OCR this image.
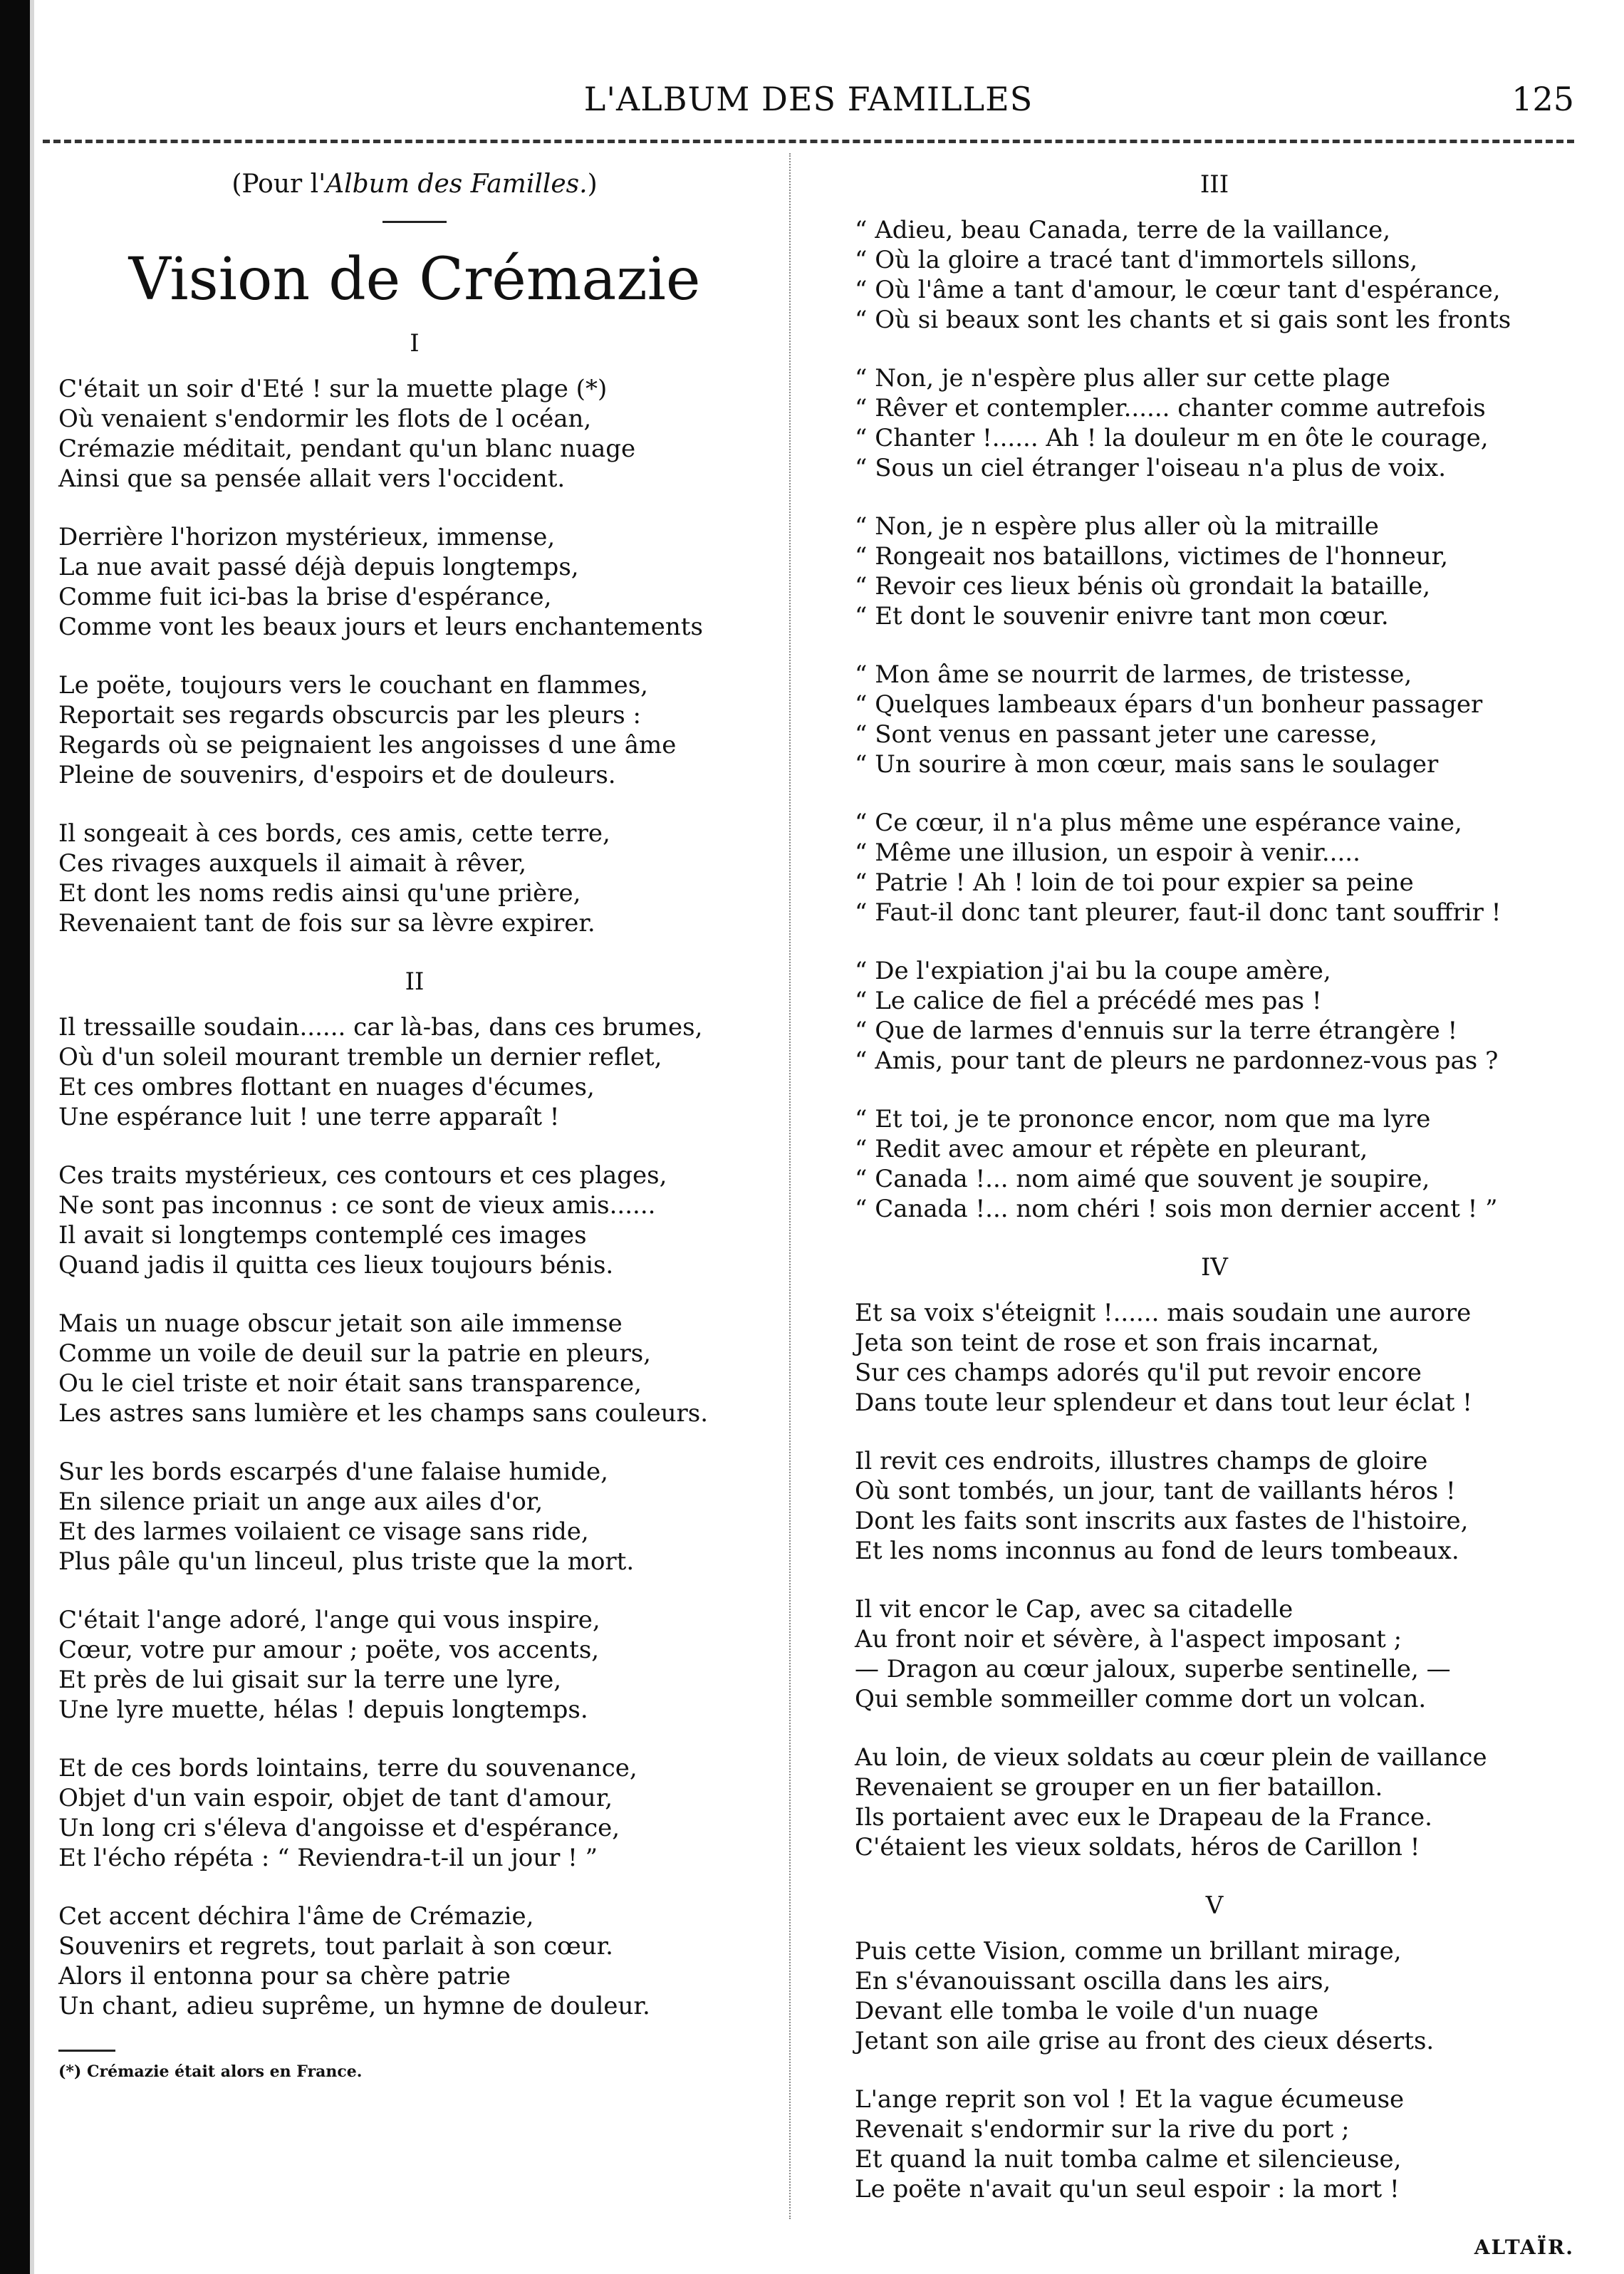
L'ALBUM DES FAMILLES	125
(Pour l'Album des Familles.)
Vision de Crémazie
I
C'était un soir d'Eté ! sur la muette plage (*)
Où venaient s'endormir les flots de l océan,
Crémazie méditait, pendant qu'un blanc nuage
Ainsi que sa pensée allait vers l'occident.
Derrière l'horizon mystérieux, immense,
La nue avait passé déjà depuis longtemps,
Comme fuit ici-bas la brise d'espérance,
Comme vont les beaux jours et leurs enchantements
Le poëte, toujours vers le couchant en flammes,
Reportait ses regards obscurcis par les pleurs :
Regards où se peignaient les angoisses d une âme
Pleine de souvenirs, d'espoirs et de douleurs.
Il songeait à ces bords, ces amis, cette terre,
Ces rivages auxquels il aimait à rêver,
Et dont les noms redis ainsi qu'une prière,
Revenaient tant de fois sur sa lèvre expirer.
II
Il tressaille soudain...... car là-bas, dans ces brumes,
Où d'un soleil mourant tremble un dernier reflet,
Et ces ombres flottant en nuages d'écumes,
Une espérance luit ! une terre apparaît !
Ces traits mystérieux, ces contours et ces plages,
Ne sont pas inconnus : ce sont de vieux amis......
Il avait si longtemps contemplé ces images
Quand jadis il quitta ces lieux toujours bénis.
Mais un nuage obscur jetait son aile immense
Comme un voile de deuil sur la patrie en pleurs,
Ou le ciel triste et noir était sans transparence,
Les astres sans lumière et les champs sans couleurs.
Sur les bords escarpés d'une falaise humide,
En silence priait un ange aux ailes d'or,
Et des larmes voilaient ce visage sans ride,
Plus pâle qu'un linceul, plus triste que la mort.
C'était l'ange adoré, l'ange qui vous inspire,
Cœur, votre pur amour ; poëte, vos accents,
Et près de lui gisait sur la terre une lyre,
Une lyre muette, hélas ! depuis longtemps.
Et de ces bords lointains, terre du souvenance,
Objet d'un vain espoir, objet de tant d'amour,
Un long cri s'éleva d'angoisse et d'espérance,
Et l'écho répéta : “ Reviendra-t-il un jour ! ”
Cet accent déchira l'âme de Crémazie,
Souvenirs et regrets, tout parlait à son cœur.
Alors il entonna pour sa chère patrie
Un chant, adieu suprême, un hymne de douleur.
(*) Crémazie était alors en France.
III
“ Adieu, beau Canada, terre de la vaillance,
“ Où la gloire a tracé tant d'immortels sillons,
“ Où l'âme a tant d'amour, le cœur tant d'espérance,
“ Où si beaux sont les chants et si gais sont les fronts
“ Non, je n'espère plus aller sur cette plage
“ Rêver et contempler...... chanter comme autrefois
“ Chanter !...... Ah ! la douleur m en ôte le courage,
“ Sous un ciel étranger l'oiseau n'a plus de voix.
“ Non, je n espère plus aller où la mitraille
“ Rongeait nos bataillons, victimes de l'honneur,
“ Revoir ces lieux bénis où grondait la bataille,
“ Et dont le souvenir enivre tant mon cœur.
“ Mon âme se nourrit de larmes, de tristesse,
“ Quelques lambeaux épars d'un bonheur passager
“ Sont venus en passant jeter une caresse,
“ Un sourire à mon cœur, mais sans le soulager
“ Ce cœur, il n'a plus même une espérance vaine,
“ Même une illusion, un espoir à venir.....
“ Patrie ! Ah ! loin de toi pour expier sa peine
“ Faut-il donc tant pleurer, faut-il donc tant souffrir !
“ De l'expiation j'ai bu la coupe amère,
“ Le calice de fiel a précédé mes pas !
“ Que de larmes d'ennuis sur la terre étrangère !
“ Amis, pour tant de pleurs ne pardonnez-vous pas ?
“ Et toi, je te prononce encor, nom que ma lyre
“ Redit avec amour et répète en pleurant,
“ Canada !... nom aimé que souvent je soupire,
“ Canada !... nom chéri ! sois mon dernier accent ! ”
IV
Et sa voix s'éteignit !...... mais soudain une aurore
Jeta son teint de rose et son frais incarnat,
Sur ces champs adorés qu'il put revoir encore
Dans toute leur splendeur et dans tout leur éclat !
Il revit ces endroits, illustres champs de gloire
Où sont tombés, un jour, tant de vaillants héros !
Dont les faits sont inscrits aux fastes de l'histoire,
Et les noms inconnus au fond de leurs tombeaux.
Il vit encor le Cap, avec sa citadelle
Au front noir et sévère, à l'aspect imposant ;
— Dragon au cœur jaloux, superbe sentinelle, —
Qui semble sommeiller comme dort un volcan.
Au loin, de vieux soldats au cœur plein de vaillance
Revenaient se grouper en un fier bataillon.
Ils portaient avec eux le Drapeau de la France.
C'étaient les vieux soldats, héros de Carillon !
V
Puis cette Vision, comme un brillant mirage,
En s'évanouissant oscilla dans les airs,
Devant elle tomba le voile d'un nuage
Jetant son aile grise au front des cieux déserts.
L'ange reprit son vol ! Et la vague écumeuse
Revenait s'endormir sur la rive du port ;
Et quand la nuit tomba calme et silencieuse,
Le poëte n'avait qu'un seul espoir : la mort !
ALTAÏR.
